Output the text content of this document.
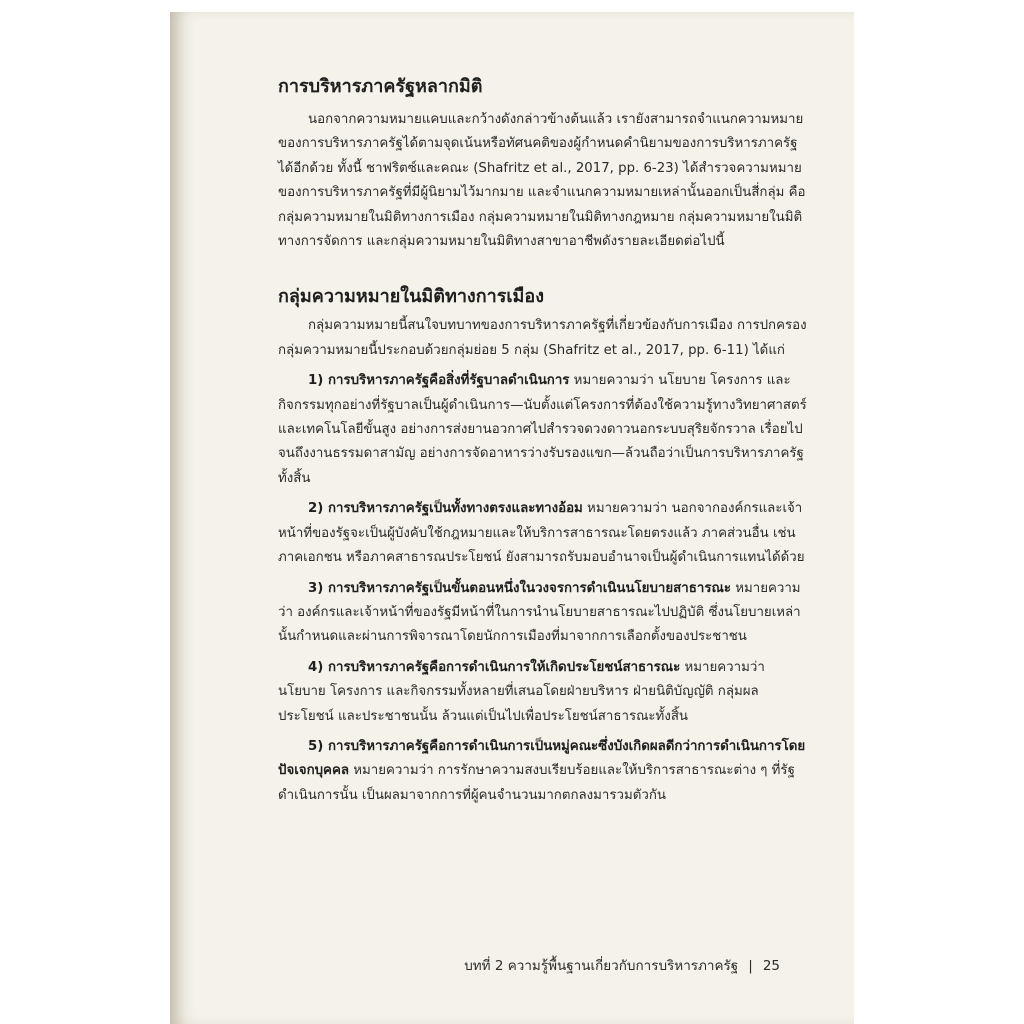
การบริหารภาครัฐหลากมิติ

นอกจากความหมายแคบและกว้างดังกล่าวข้างต้นแล้ว เรายังสามารถจำแนกความหมายของการบริหารภาครัฐได้ตามจุดเน้นหรือทัศนคติของผู้กำหนดคำนิยามของการบริหารภาครัฐได้อีกด้วย ทั้งนี้ ชาฟริตซ์และคณะ (Shafritz et al., 2017, pp. 6-23) ได้สำรวจความหมายของการบริหารภาครัฐที่มีผู้นิยามไว้มากมาย และจำแนกความหมายเหล่านั้นออกเป็นสี่กลุ่ม คือ กลุ่มความหมายในมิติทางการเมือง กลุ่มความหมายในมิติทางกฎหมาย กลุ่มความหมายในมิติทางการจัดการ และกลุ่มความหมายในมิติทางสาขาอาชีพดังรายละเอียดต่อไปนี้

กลุ่มความหมายในมิติทางการเมือง

กลุ่มความหมายนี้สนใจบทบาทของการบริหารภาครัฐที่เกี่ยวข้องกับการเมือง การปกครอง กลุ่มความหมายนี้ประกอบด้วยกลุ่มย่อย 5 กลุ่ม (Shafritz et al., 2017, pp. 6-11) ได้แก่

1) การบริหารภาครัฐคือสิ่งที่รัฐบาลดำเนินการ หมายความว่า นโยบาย โครงการ และกิจกรรมทุกอย่างที่รัฐบาลเป็นผู้ดำเนินการ—นับตั้งแต่โครงการที่ต้องใช้ความรู้ทางวิทยาศาสตร์และเทคโนโลยีขั้นสูง อย่างการส่งยานอวกาศไปสำรวจดวงดาวนอกระบบสุริยจักรวาล เรื่อยไปจนถึงงานธรรมดาสามัญ อย่างการจัดอาหารว่างรับรองแขก—ล้วนถือว่าเป็นการบริหารภาครัฐทั้งสิ้น

2) การบริหารภาครัฐเป็นทั้งทางตรงและทางอ้อม หมายความว่า นอกจากองค์กรและเจ้าหน้าที่ของรัฐจะเป็นผู้บังคับใช้กฎหมายและให้บริการสาธารณะโดยตรงแล้ว ภาคส่วนอื่น เช่น ภาคเอกชน หรือภาคสาธารณประโยชน์ ยังสามารถรับมอบอำนาจเป็นผู้ดำเนินการแทนได้ด้วย

3) การบริหารภาครัฐเป็นขั้นตอนหนึ่งในวงจรการดำเนินนโยบายสาธารณะ หมายความว่า องค์กรและเจ้าหน้าที่ของรัฐมีหน้าที่ในการนำนโยบายสาธารณะไปปฏิบัติ ซึ่งนโยบายเหล่านั้นกำหนดและผ่านการพิจารณาโดยนักการเมืองที่มาจากการเลือกตั้งของประชาชน

4) การบริหารภาครัฐคือการดำเนินการให้เกิดประโยชน์สาธารณะ หมายความว่า นโยบาย โครงการ และกิจกรรมทั้งหลายที่เสนอโดยฝ่ายบริหาร ฝ่ายนิติบัญญัติ กลุ่มผลประโยชน์ และประชาชนนั้น ล้วนแต่เป็นไปเพื่อประโยชน์สาธารณะทั้งสิ้น

5) การบริหารภาครัฐคือการดำเนินการเป็นหมู่คณะซึ่งบังเกิดผลดีกว่าการดำเนินการโดยปัจเจกบุคคล หมายความว่า การรักษาความสงบเรียบร้อยและให้บริการสาธารณะต่าง ๆ ที่รัฐดำเนินการนั้น เป็นผลมาจากการที่ผู้คนจำนวนมากตกลงมารวมตัวกัน

บทที่ 2 ความรู้พื้นฐานเกี่ยวกับการบริหารภาครัฐ | 25
